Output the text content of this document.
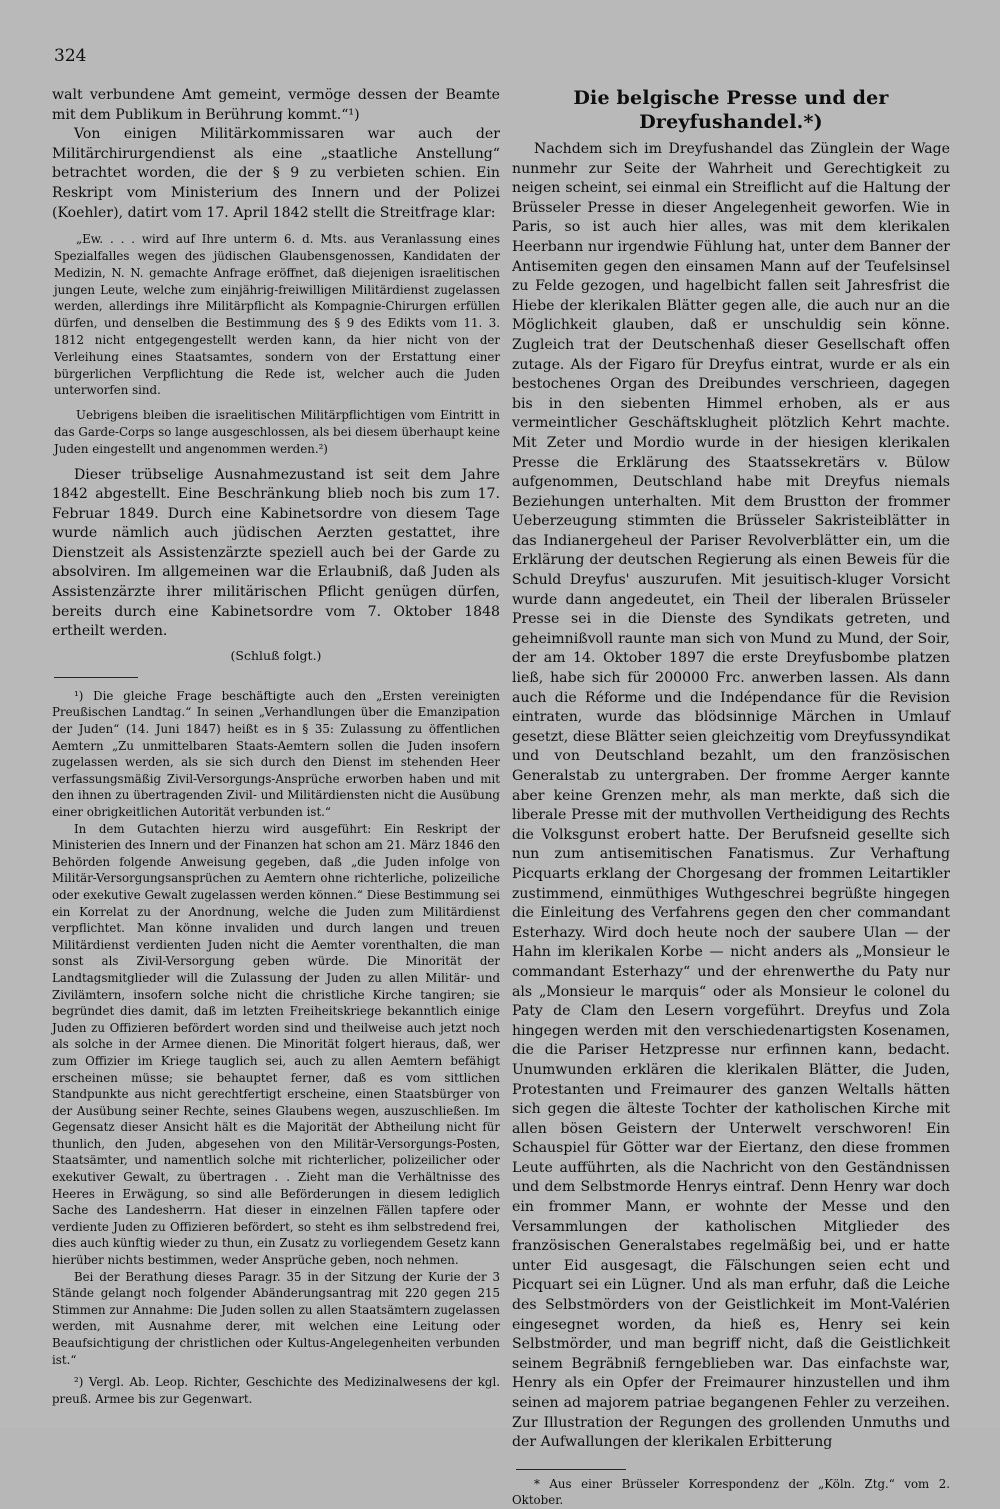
324

walt verbundene Amt gemeint, vermöge dessen der Beamte mit dem Publikum in Berührung kommt.“¹)

Von einigen Militärkommissaren war auch der Militärchirurgendienst als eine „staatliche Anstellung“ betrachtet worden, die der § 9 zu verbieten schien. Ein Reskript vom Ministerium des Innern und der Polizei (Koehler), datirt vom 17. April 1842 stellt die Streitfrage klar:

„Ew. . . . wird auf Ihre unterm 6. d. Mts. aus Veranlassung eines Spezialfalles wegen des jüdischen Glaubensgenossen, Kandidaten der Medizin, N. N. gemachte Anfrage eröffnet, daß diejenigen israelitischen jungen Leute, welche zum einjährig-freiwilligen Militärdienst zugelassen werden, allerdings ihre Militärpflicht als Kompagnie-Chirurgen erfüllen dürfen, und denselben die Bestimmung des § 9 des Edikts vom 11. 3. 1812 nicht entgegengestellt werden kann, da hier nicht von der Verleihung eines Staatsamtes, sondern von der Erstattung einer bürgerlichen Verpflichtung die Rede ist, welcher auch die Juden unterworfen sind.

Uebrigens bleiben die israelitischen Militärpflichtigen vom Eintritt in das Garde-Corps so lange ausgeschlossen, als bei diesem überhaupt keine Juden eingestellt und angenommen werden.²)

Dieser trübselige Ausnahmezustand ist seit dem Jahre 1842 abgestellt. Eine Beschränkung blieb noch bis zum 17. Februar 1849. Durch eine Kabinetsordre von diesem Tage wurde nämlich auch jüdischen Aerzten gestattet, ihre Dienstzeit als Assistenzärzte speziell auch bei der Garde zu absolviren. Im allgemeinen war die Erlaubniß, daß Juden als Assistenzärzte ihrer militärischen Pflicht genügen dürfen, bereits durch eine Kabinetsordre vom 7. Oktober 1848 ertheilt werden.

(Schluß folgt.)

¹) Die gleiche Frage beschäftigte auch den „Ersten vereinigten Preußischen Landtag.“ In seinen „Verhandlungen über die Emanzipation der Juden“ (14. Juni 1847) heißt es in § 35: Zulassung zu öffentlichen Aemtern „Zu unmittelbaren Staats-Aemtern sollen die Juden insofern zugelassen werden, als sie sich durch den Dienst im stehenden Heer verfassungsmäßig Zivil-Versorgungs-Ansprüche erworben haben und mit den ihnen zu übertragenden Zivil- und Militärdiensten nicht die Ausübung einer obrigkeitlichen Autorität verbunden ist.“

In dem Gutachten hierzu wird ausgeführt: Ein Reskript der Ministerien des Innern und der Finanzen hat schon am 21. März 1846 den Behörden folgende Anweisung gegeben, daß „die Juden infolge von Militär-Versorgungsansprüchen zu Aemtern ohne richterliche, polizeiliche oder exekutive Gewalt zugelassen werden können.“ Diese Bestimmung sei ein Korrelat zu der Anordnung, welche die Juden zum Militärdienst verpflichtet. Man könne invaliden und durch langen und treuen Militärdienst verdienten Juden nicht die Aemter vorenthalten, die man sonst als Zivil-Versorgung geben würde. Die Minorität der Landtagsmitglieder will die Zulassung der Juden zu allen Militär- und Zivilämtern, insofern solche nicht die christliche Kirche tangiren; sie begründet dies damit, daß im letzten Freiheitskriege bekanntlich einige Juden zu Offizieren befördert worden sind und theilweise auch jetzt noch als solche in der Armee dienen. Die Minorität folgert hieraus, daß, wer zum Offizier im Kriege tauglich sei, auch zu allen Aemtern befähigt erscheinen müsse; sie behauptet ferner, daß es vom sittlichen Standpunkte aus nicht gerechtfertigt erscheine, einen Staatsbürger von der Ausübung seiner Rechte, seines Glaubens wegen, auszuschließen. Im Gegensatz dieser Ansicht hält es die Majorität der Abtheilung nicht für thunlich, den Juden, abgesehen von den Militär-Versorgungs-Posten, Staatsämter, und namentlich solche mit richterlicher, polizeilicher oder exekutiver Gewalt, zu übertragen . . Zieht man die Verhältnisse des Heeres in Erwägung, so sind alle Beförderungen in diesem lediglich Sache des Landesherrn. Hat dieser in einzelnen Fällen tapfere oder verdiente Juden zu Offizieren befördert, so steht es ihm selbstredend frei, dies auch künftig wieder zu thun, ein Zusatz zu vorliegendem Gesetz kann hierüber nichts bestimmen, weder Ansprüche geben, noch nehmen.

Bei der Berathung dieses Paragr. 35 in der Sitzung der Kurie der 3 Stände gelangt noch folgender Abänderungsantrag mit 220 gegen 215 Stimmen zur Annahme: Die Juden sollen zu allen Staatsämtern zugelassen werden, mit Ausnahme derer, mit welchen eine Leitung oder Beaufsichtigung der christlichen oder Kultus-Angelegenheiten verbunden ist.“

²) Vergl. Ab. Leop. Richter, Geschichte des Medizinalwesens der kgl. preuß. Armee bis zur Gegenwart.

Die belgische Presse und der Dreyfushandel.*)

Nachdem sich im Dreyfushandel das Zünglein der Wage nunmehr zur Seite der Wahrheit und Gerechtigkeit zu neigen scheint, sei einmal ein Streiflicht auf die Haltung der Brüsseler Presse in dieser Angelegenheit geworfen. Wie in Paris, so ist auch hier alles, was mit dem klerikalen Heerbann nur irgendwie Fühlung hat, unter dem Banner der Antisemiten gegen den einsamen Mann auf der Teufelsinsel zu Felde gezogen, und hagelbicht fallen seit Jahresfrist die Hiebe der klerikalen Blätter gegen alle, die auch nur an die Möglichkeit glauben, daß er unschuldig sein könne. Zugleich trat der Deutschenhaß dieser Gesellschaft offen zutage. Als der Figaro für Dreyfus eintrat, wurde er als ein bestochenes Organ des Dreibundes verschrieen, dagegen bis in den siebenten Himmel erhoben, als er aus vermeintlicher Geschäftsklugheit plötzlich Kehrt machte. Mit Zeter und Mordio wurde in der hiesigen klerikalen Presse die Erklärung des Staatssekretärs v. Bülow aufgenommen, Deutschland habe mit Dreyfus niemals Beziehungen unterhalten. Mit dem Brustton der frommer Ueberzeugung stimmten die Brüsseler Sakristeiblätter in das Indianergeheul der Pariser Revolverblätter ein, um die Erklärung der deutschen Regierung als einen Beweis für die Schuld Dreyfus' auszurufen. Mit jesuitisch-kluger Vorsicht wurde dann angedeutet, ein Theil der liberalen Brüsseler Presse sei in die Dienste des Syndikats getreten, und geheimnißvoll raunte man sich von Mund zu Mund, der Soir, der am 14. Oktober 1897 die erste Dreyfusbombe platzen ließ, habe sich für 200000 Frc. anwerben lassen. Als dann auch die Réforme und die Indépendance für die Revision eintraten, wurde das blödsinnige Märchen in Umlauf gesetzt, diese Blätter seien gleichzeitig vom Dreyfussyndikat und von Deutschland bezahlt, um den französischen Generalstab zu untergraben. Der fromme Aerger kannte aber keine Grenzen mehr, als man merkte, daß sich die liberale Presse mit der muthvollen Vertheidigung des Rechts die Volksgunst erobert hatte. Der Berufsneid gesellte sich nun zum antisemitischen Fanatismus. Zur Verhaftung Picquarts erklang der Chorgesang der frommen Leitartikler zustimmend, einmüthiges Wuthgeschrei begrüßte hingegen die Einleitung des Verfahrens gegen den cher commandant Esterhazy. Wird doch heute noch der saubere Ulan — der Hahn im klerikalen Korbe — nicht anders als „Monsieur le commandant Esterhazy“ und der ehrenwerthe du Paty nur als „Monsieur le marquis“ oder als Monsieur le colonel du Paty de Clam den Lesern vorgeführt. Dreyfus und Zola hingegen werden mit den verschiedenartigsten Kosenamen, die die Pariser Hetzpresse nur erfinnen kann, bedacht. Unumwunden erklären die klerikalen Blätter, die Juden, Protestanten und Freimaurer des ganzen Weltalls hätten sich gegen die älteste Tochter der katholischen Kirche mit allen bösen Geistern der Unterwelt verschworen! Ein Schauspiel für Götter war der Eiertanz, den diese frommen Leute aufführten, als die Nachricht von den Geständnissen und dem Selbstmorde Henrys eintraf. Denn Henry war doch ein frommer Mann, er wohnte der Messe und den Versammlungen der katholischen Mitglieder des französischen Generalstabes regelmäßig bei, und er hatte unter Eid ausgesagt, die Fälschungen seien echt und Picquart sei ein Lügner. Und als man erfuhr, daß die Leiche des Selbstmörders von der Geistlichkeit im Mont-Valérien eingesegnet worden, da hieß es, Henry sei kein Selbstmörder, und man begriff nicht, daß die Geistlichkeit seinem Begräbniß ferngeblieben war. Das einfachste war, Henry als ein Opfer der Freimaurer hinzustellen und ihm seinen ad majorem patriae begangenen Fehler zu verzeihen. Zur Illustration der Regungen des grollenden Unmuths und der Aufwallungen der klerikalen Erbitterung

* Aus einer Brüsseler Korrespondenz der „Köln. Ztg.“ vom 2. Oktober.
